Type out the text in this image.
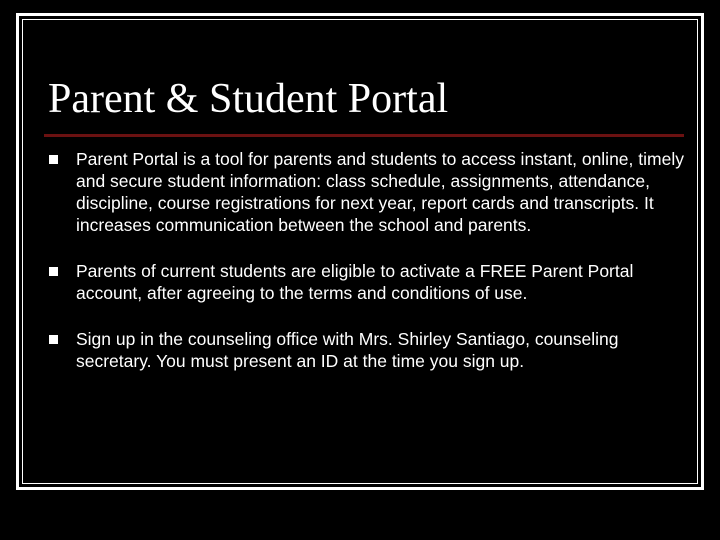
Parent & Student Portal
Parent Portal is a tool for parents and students to access instant, online, timely and secure student information: class schedule, assignments, attendance, discipline, course registrations for next year, report cards and transcripts. It increases communication between the school and parents.
Parents of current students are eligible to activate a FREE Parent Portal account, after agreeing to the terms and conditions of use.
Sign up in the counseling office with Mrs. Shirley Santiago, counseling secretary. You must present an ID at the time you sign up.
